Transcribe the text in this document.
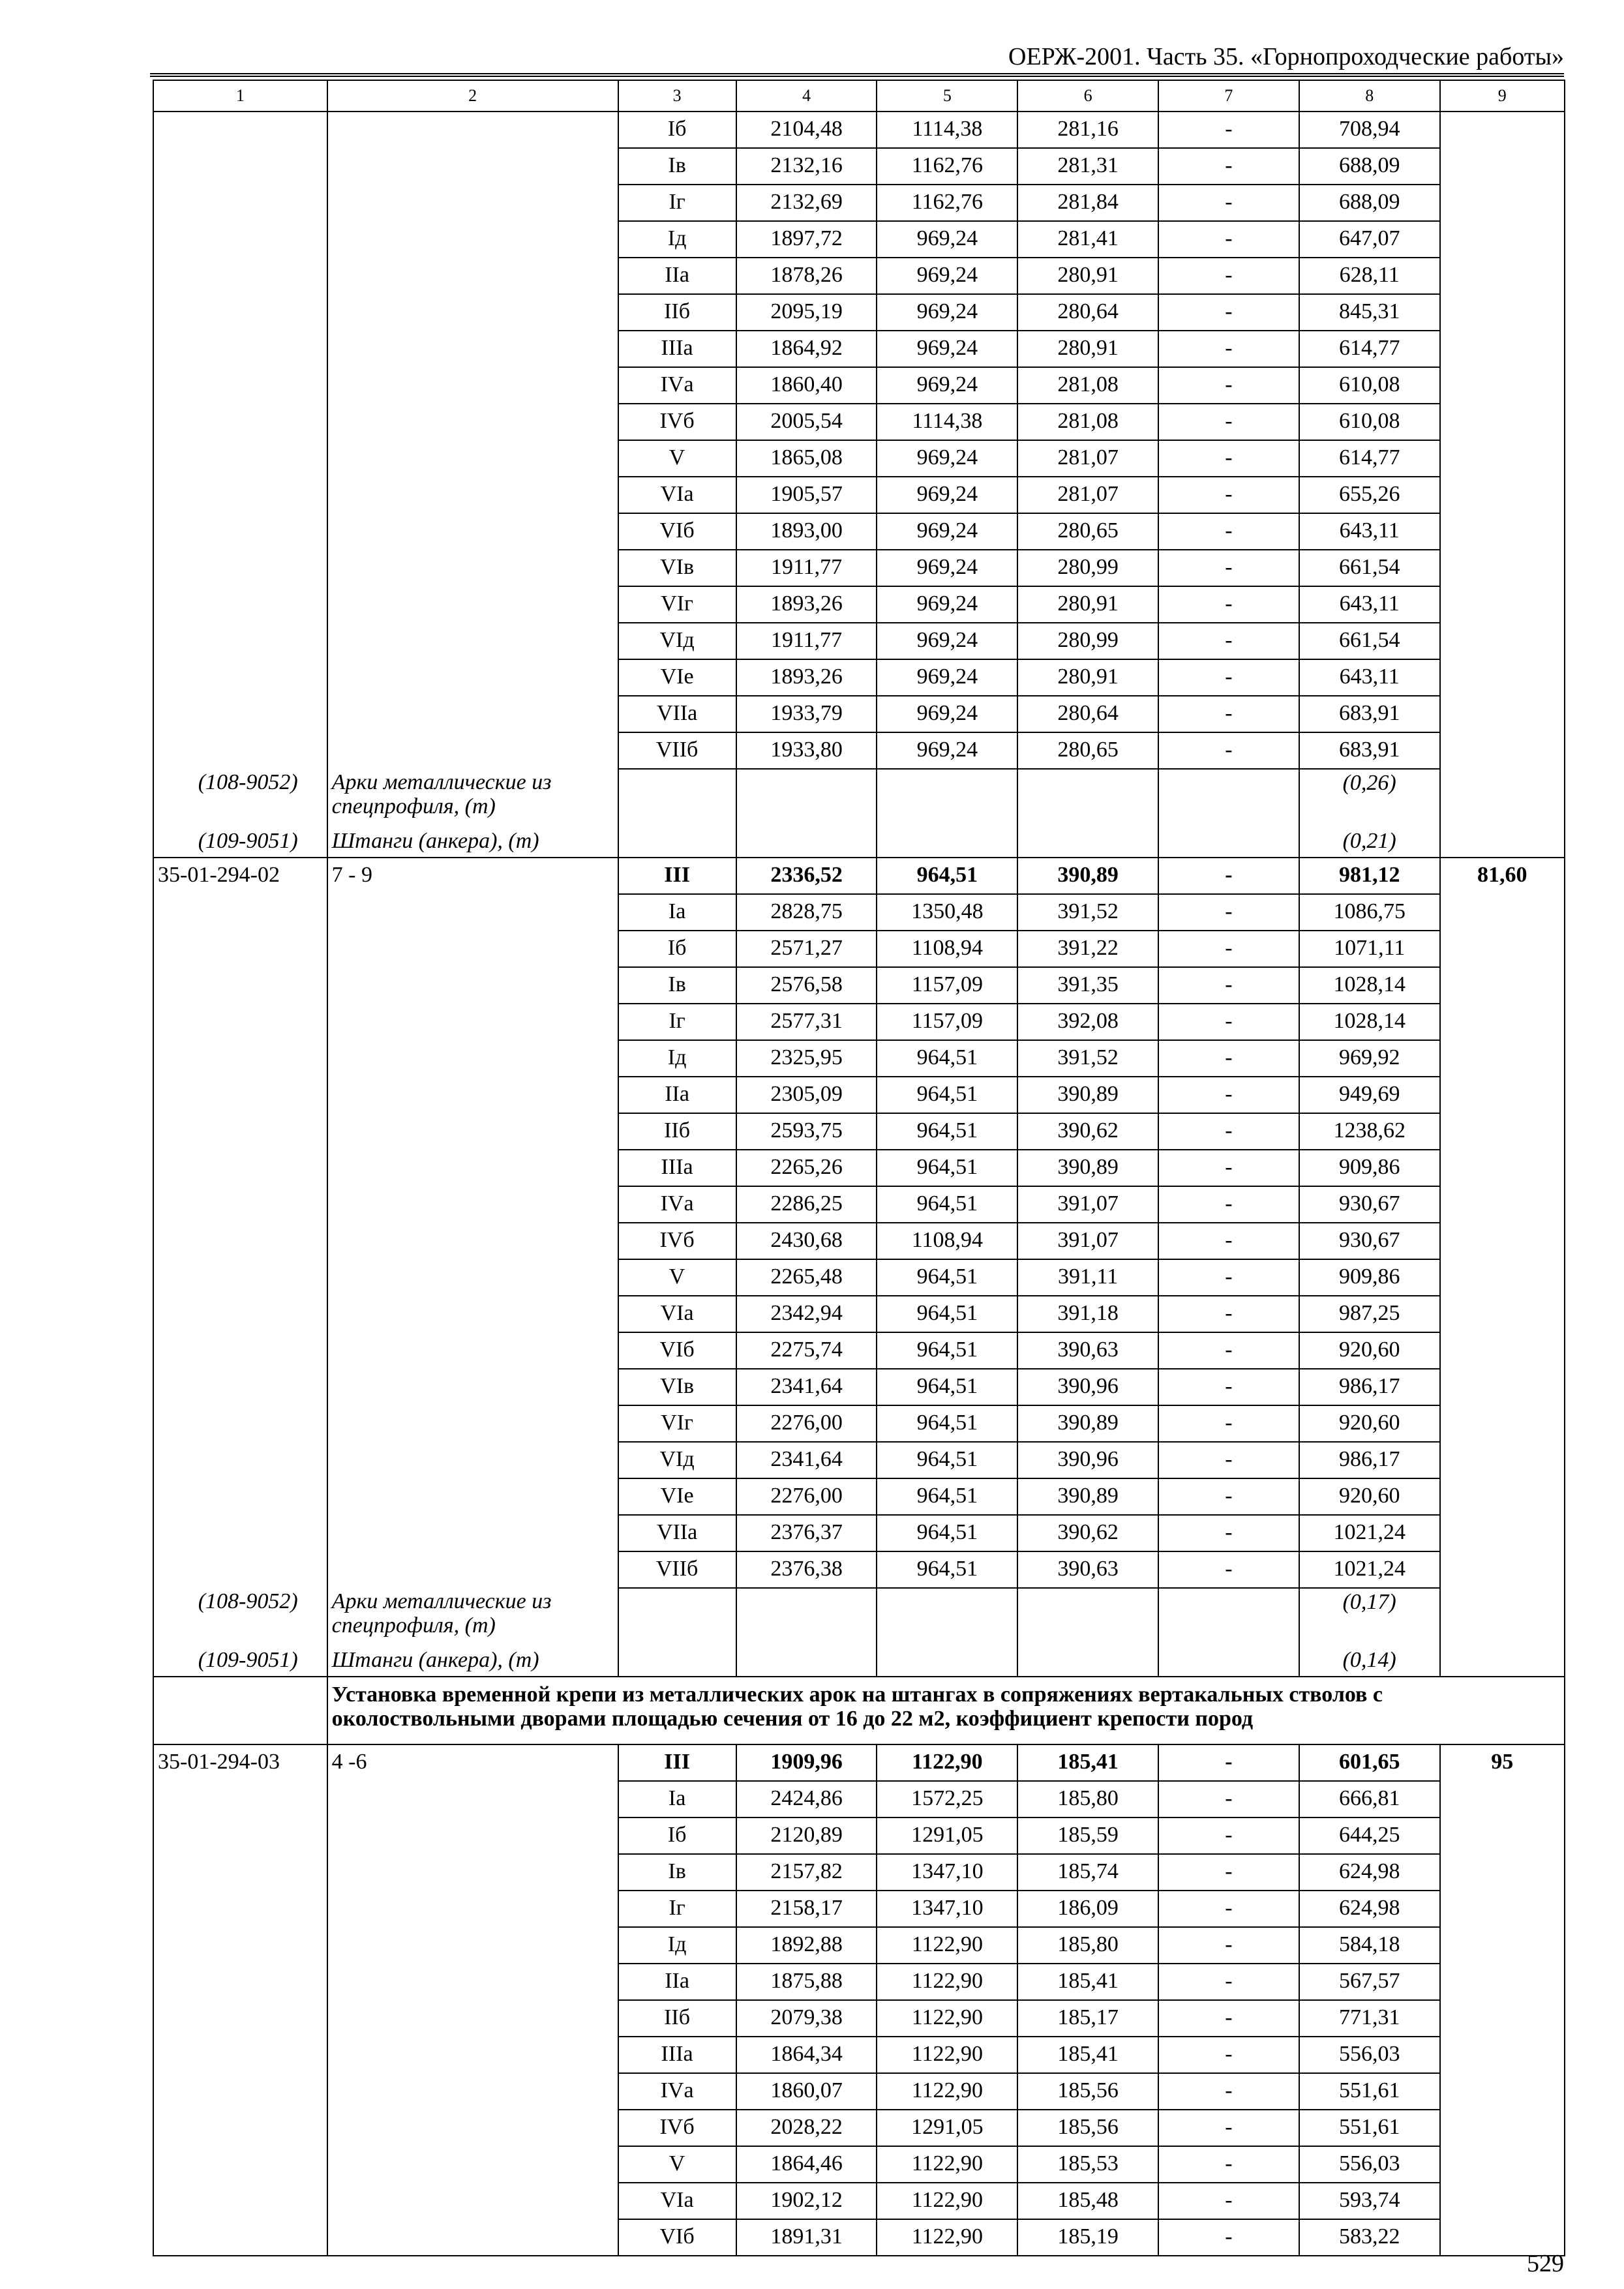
ОЕРЖ-2001. Часть 35. «Горнопроходческие работы»
1	2	3	4	5	6	7	8	9
		Iб	2104,48	1114,38	281,16	-	708,94	
		Iв	2132,16	1162,76	281,31	-	688,09	
		Iг	2132,69	1162,76	281,84	-	688,09	
		Iд	1897,72	969,24	281,41	-	647,07	
		IIа	1878,26	969,24	280,91	-	628,11	
		IIб	2095,19	969,24	280,64	-	845,31	
		IIIа	1864,92	969,24	280,91	-	614,77	
		IVа	1860,40	969,24	281,08	-	610,08	
		IVб	2005,54	1114,38	281,08	-	610,08	
		V	1865,08	969,24	281,07	-	614,77	
		VIа	1905,57	969,24	281,07	-	655,26	
		VIб	1893,00	969,24	280,65	-	643,11	
		VIв	1911,77	969,24	280,99	-	661,54	
		VIг	1893,26	969,24	280,91	-	643,11	
		VIд	1911,77	969,24	280,99	-	661,54	
		VIе	1893,26	969,24	280,91	-	643,11	
		VIIа	1933,79	969,24	280,64	-	683,91	
		VIIб	1933,80	969,24	280,65	-	683,91	
(108-9052)	Арки металлические из спецпрофиля, (т)						(0,26)	
(109-9051)	Штанги (анкера), (т)						(0,21)	
35-01-294-02	7 - 9	III	2336,52	964,51	390,89	-	981,12	81,60
		Iа	2828,75	1350,48	391,52	-	1086,75	
		Iб	2571,27	1108,94	391,22	-	1071,11	
		Iв	2576,58	1157,09	391,35	-	1028,14	
		Iг	2577,31	1157,09	392,08	-	1028,14	
		Iд	2325,95	964,51	391,52	-	969,92	
		IIа	2305,09	964,51	390,89	-	949,69	
		IIб	2593,75	964,51	390,62	-	1238,62	
		IIIа	2265,26	964,51	390,89	-	909,86	
		IVа	2286,25	964,51	391,07	-	930,67	
		IVб	2430,68	1108,94	391,07	-	930,67	
		V	2265,48	964,51	391,11	-	909,86	
		VIа	2342,94	964,51	391,18	-	987,25	
		VIб	2275,74	964,51	390,63	-	920,60	
		VIв	2341,64	964,51	390,96	-	986,17	
		VIг	2276,00	964,51	390,89	-	920,60	
		VIд	2341,64	964,51	390,96	-	986,17	
		VIе	2276,00	964,51	390,89	-	920,60	
		VIIа	2376,37	964,51	390,62	-	1021,24	
		VIIб	2376,38	964,51	390,63	-	1021,24	
(108-9052)	Арки металлические из спецпрофиля, (т)						(0,17)	
(109-9051)	Штанги (анкера), (т)						(0,14)	
	Установка временной крепи из металлических арок на штангах в сопряжениях вертакальных стволов с околоствольными дворами площадью сечения от 16 до 22 м2, коэффициент крепости пород							
35-01-294-03	4 -6	III	1909,96	1122,90	185,41	-	601,65	95
		Iа	2424,86	1572,25	185,80	-	666,81	
		Iб	2120,89	1291,05	185,59	-	644,25	
		Iв	2157,82	1347,10	185,74	-	624,98	
		Iг	2158,17	1347,10	186,09	-	624,98	
		Iд	1892,88	1122,90	185,80	-	584,18	
		IIа	1875,88	1122,90	185,41	-	567,57	
		IIб	2079,38	1122,90	185,17	-	771,31	
		IIIа	1864,34	1122,90	185,41	-	556,03	
		IVа	1860,07	1122,90	185,56	-	551,61	
		IVб	2028,22	1291,05	185,56	-	551,61	
		V	1864,46	1122,90	185,53	-	556,03	
		VIа	1902,12	1122,90	185,48	-	593,74	
		VIб	1891,31	1122,90	185,19	-	583,22	
529
